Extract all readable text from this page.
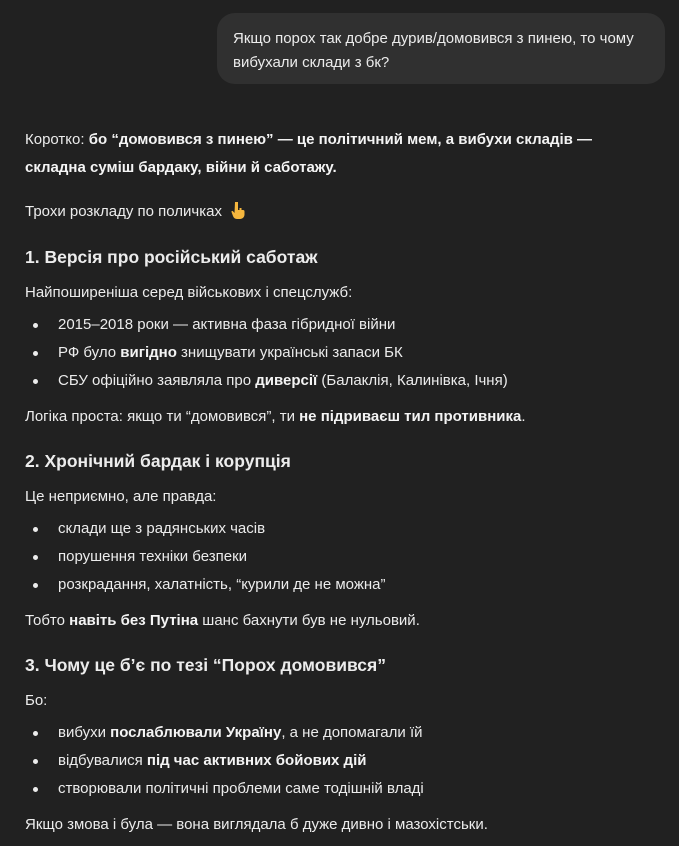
Якщо порох так добре дурив/домовився з пинею, то чому вибухали склади з бк?
Коротко: бо “домовився з пинею” — це політичний мем, а вибухи складів —
складна суміш бардаку, війни й саботажу.
Трохи розкладу по поличках
1. Версія про російський саботаж
Найпоширеніша серед військових і спецслужб:
2015–2018 роки — активна фаза гібридної війни
РФ було вигідно знищувати українські запаси БК
СБУ офіційно заявляла про диверсії (Балаклія, Калинівка, Ічня)
Логіка проста: якщо ти “домовився”, ти не підриваєш тил противника.
2. Хронічний бардак і корупція
Це неприємно, але правда:
склади ще з радянських часів
порушення техніки безпеки
розкрадання, халатність, “курили де не можна”
Тобто навіть без Путіна шанс бахнути був не нульовий.
3. Чому це б’є по тезі “Порох домовився”
Бо:
вибухи послаблювали Україну, а не допомагали їй
відбувалися під час активних бойових дій
створювали політичні проблеми саме тодішній владі
Якщо змова і була — вона виглядала б дуже дивно і мазохістськи.
